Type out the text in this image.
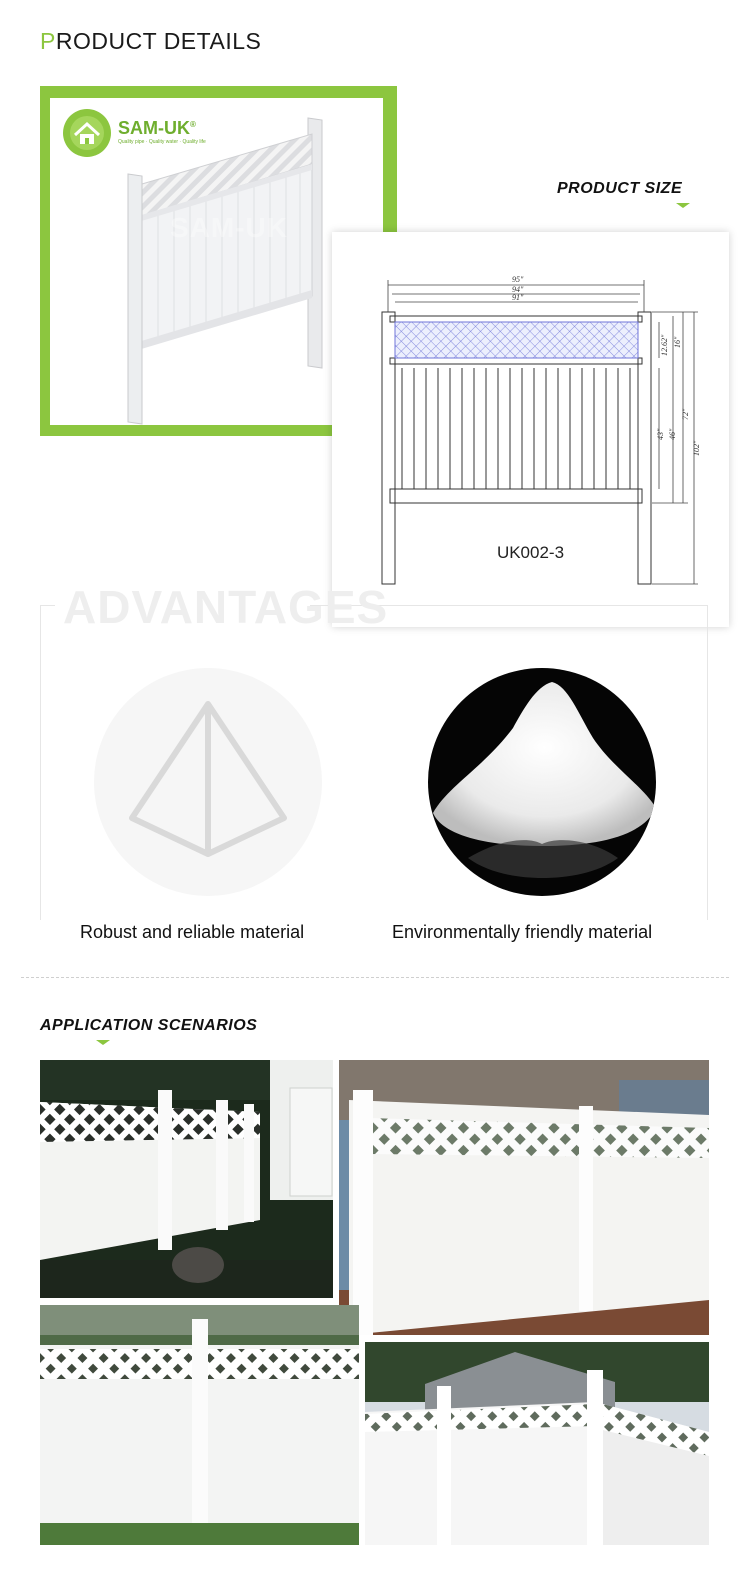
PRODUCT DETAILS
SAM-UK®
Quality pipe · Quality water · Quality life
SAM-UK
PRODUCT SIZE
95"
94"
91"
12.62" 16"
43" 46"
72"
102"
UK002-3
ADVANTAGES
Robust and reliable material	Environmentally friendly material
APPLICATION SCENARIOS
